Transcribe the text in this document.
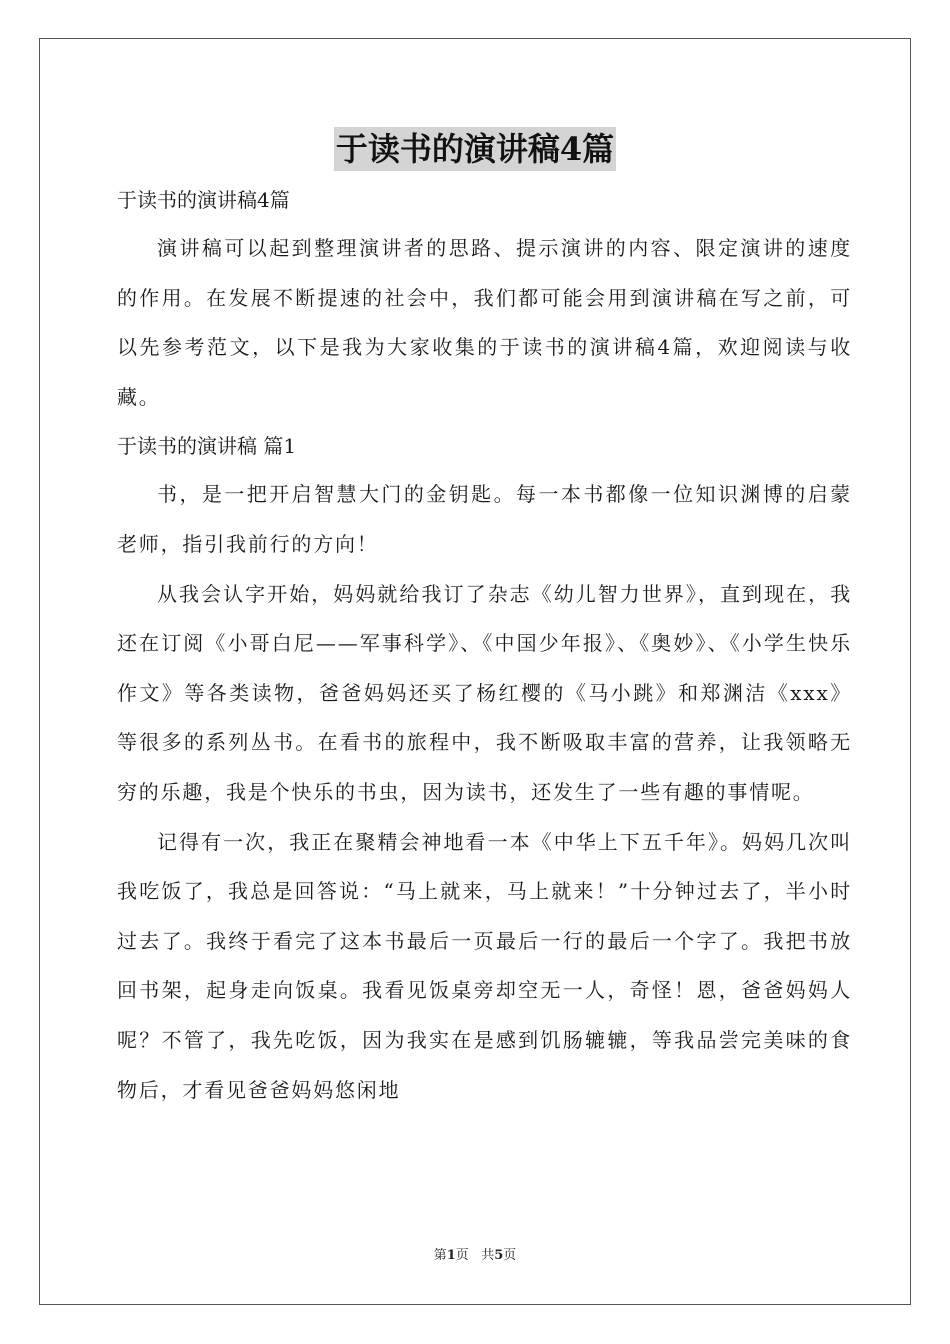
于读书的演讲稿4篇

于读书的演讲稿4篇

演讲稿可以起到整理演讲者的思路、提示演讲的内容、限定演讲的速度的作用。在发展不断提速的社会中，我们都可能会用到演讲稿在写之前，可以先参考范文，以下是我为大家收集的于读书的演讲稿4篇，欢迎阅读与收藏。

于读书的演讲稿 篇1

书，是一把开启智慧大门的金钥匙。每一本书都像一位知识渊博的启蒙老师，指引我前行的方向！

从我会认字开始，妈妈就给我订了杂志《幼儿智力世界》，直到现在，我还在订阅《小哥白尼——军事科学》、《中国少年报》、《奥妙》、《小学生快乐作文》等各类读物，爸爸妈妈还买了杨红樱的《马小跳》和郑渊洁《xxx》等很多的系列丛书。在看书的旅程中，我不断吸取丰富的营养，让我领略无穷的乐趣，我是个快乐的书虫，因为读书，还发生了一些有趣的事情呢。

记得有一次，我正在聚精会神地看一本《中华上下五千年》。妈妈几次叫我吃饭了，我总是回答说：“马上就来，马上就来！”十分钟过去了，半小时过去了。我终于看完了这本书最后一页最后一行的最后一个字了。我把书放回书架，起身走向饭桌。我看见饭桌旁却空无一人，奇怪！恩，爸爸妈妈人呢？不管了，我先吃饭，因为我实在是感到饥肠辘辘，等我品尝完美味的食物后，才看见爸爸妈妈悠闲地

第1页 共5页
